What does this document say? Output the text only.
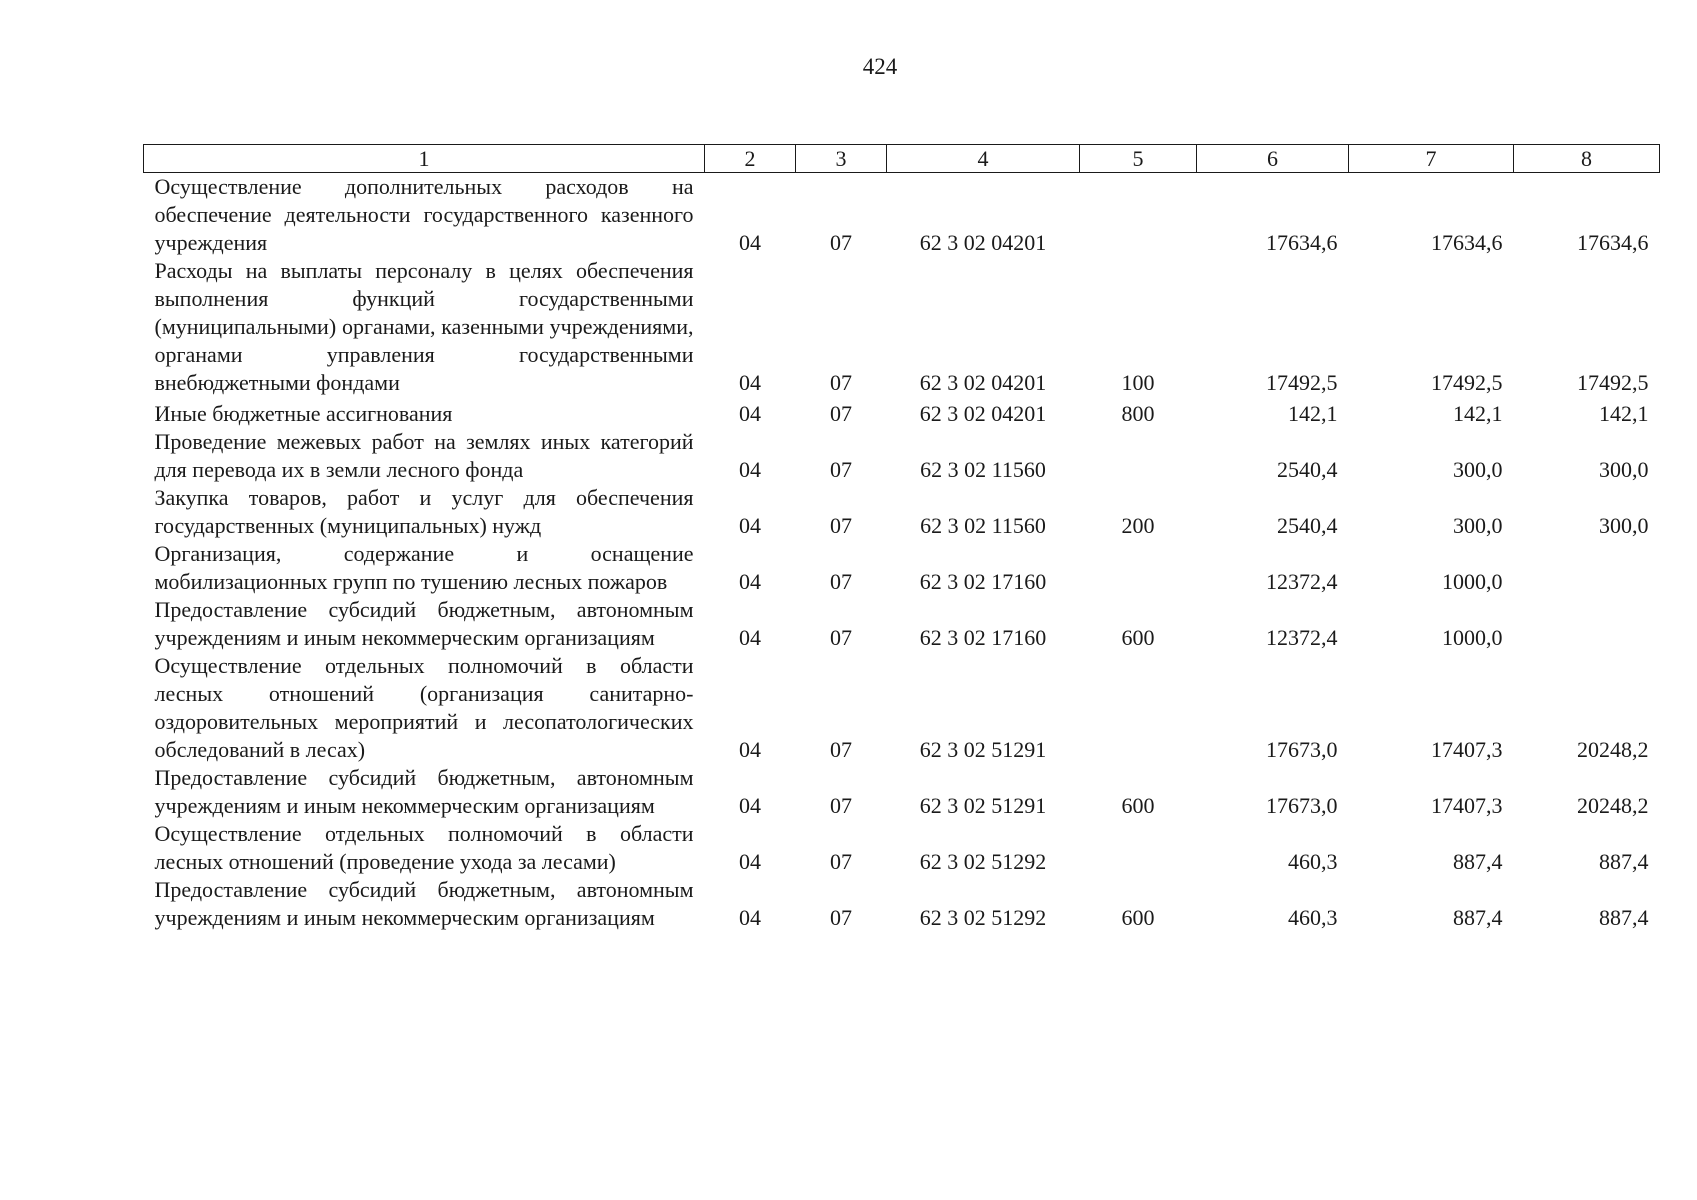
424
1	2	3	4	5	6	7	8
Осуществление дополнительных расходов на обеспечение деятельности государственного казенного учреждения	04	07	62 3 02 04201		17634,6	17634,6	17634,6
Расходы на выплаты персоналу в целях обеспечения выполнения функций государственными (муниципальными) органами, казенными учреждениями, органами управления государственными внебюджетными фондами	04	07	62 3 02 04201	100	17492,5	17492,5	17492,5
Иные бюджетные ассигнования	04	07	62 3 02 04201	800	142,1	142,1	142,1
Проведение межевых работ на землях иных категорий для перевода их в земли лесного фонда	04	07	62 3 02 11560		2540,4	300,0	300,0
Закупка товаров, работ и услуг для обеспечения государственных (муниципальных) нужд	04	07	62 3 02 11560	200	2540,4	300,0	300,0
Организация, содержание и оснащение мобилизационных групп по тушению лесных пожаров	04	07	62 3 02 17160		12372,4	1000,0	
Предоставление субсидий бюджетным, автономным учреждениям и иным некоммерческим организациям	04	07	62 3 02 17160	600	12372,4	1000,0	
Осуществление отдельных полномочий в области лесных отношений (организация санитарно-оздоровительных мероприятий и лесопатологических обследований в лесах)	04	07	62 3 02 51291		17673,0	17407,3	20248,2
Предоставление субсидий бюджетным, автономным учреждениям и иным некоммерческим организациям	04	07	62 3 02 51291	600	17673,0	17407,3	20248,2
Осуществление отдельных полномочий в области лесных отношений (проведение ухода за лесами)	04	07	62 3 02 51292		460,3	887,4	887,4
Предоставление субсидий бюджетным, автономным учреждениям и иным некоммерческим организациям	04	07	62 3 02 51292	600	460,3	887,4	887,4
